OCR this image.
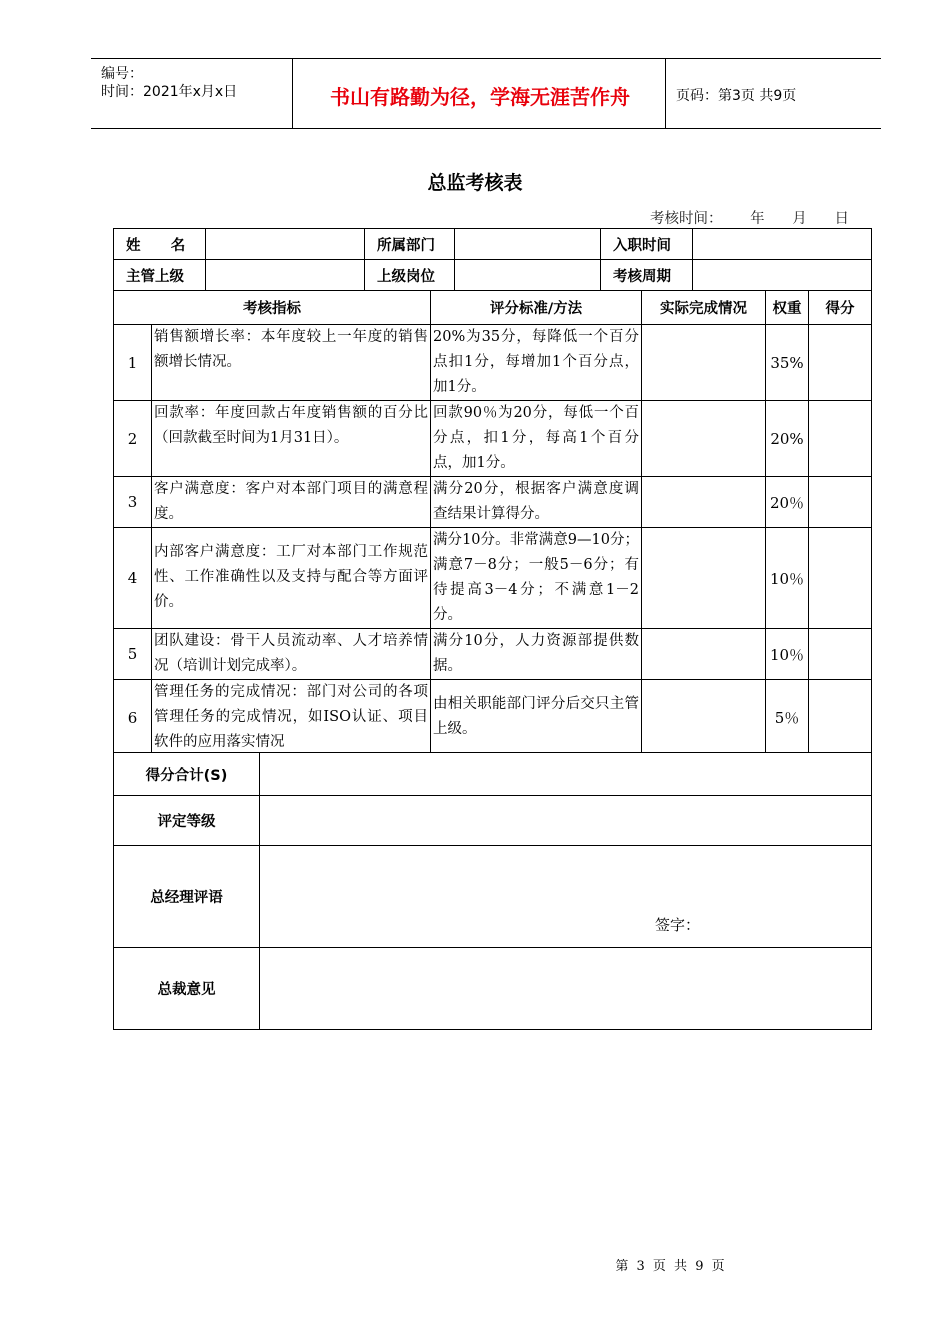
编号：
时间：2021年x月x日	书山有路勤为径，学海无涯苦作舟	页码：第3页 共9页
总监考核表
考核时间：      年      月      日
姓      名		所属部门		入职时间	
主管上级		上级岗位		考核周期	
考核指标		评分标准/方法	实际完成情况	权重	得分
1	销售额增长率：本年度较上一年度的销售额增长情况。	20%为35分，每降低一个百分点扣1分，每增加1个百分点，加1分。		35%	
2	回款率：年度回款占年度销售额的百分比（回款截至时间为1月31日）。	回款90％为20分，每低一个百分点，扣1分，每高1个百分点，加1分。		20%	
3	客户满意度：客户对本部门项目的满意程度。	满分20分，根据客户满意度调查结果计算得分。		20％	
4	内部客户满意度：工厂对本部门工作规范性、工作准确性以及支持与配合等方面评价。	满分10分。非常满意9—10分；满意7－8分；一般5－6分；有待提高3－4分；不满意1－2分。		10％	
5	团队建设：骨干人员流动率、人才培养情况（培训计划完成率）。	满分10分，人力资源部提供数据。		10％	
6	管理任务的完成情况：部门对公司的各项管理任务的完成情况，如ISO认证、项目软件的应用落实情况	由相关职能部门评分后交只主管上级。		5％	
得分合计(S)	
评定等级	
总经理评语	签字：

总裁意见	
第 3 页 共 9 页
